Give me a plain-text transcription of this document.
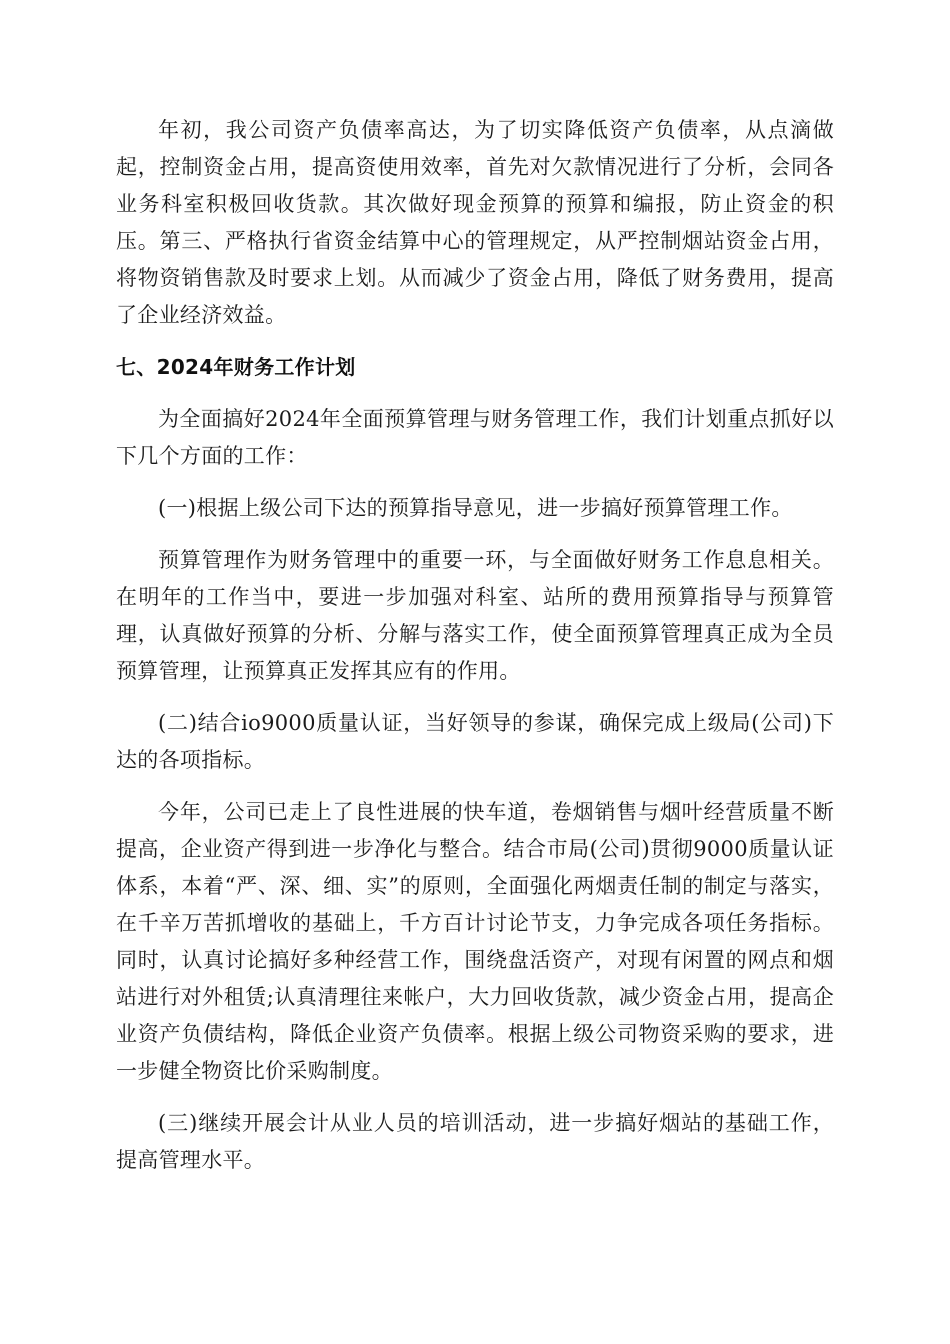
年初，我公司资产负债率高达，为了切实降低资产负债率，从点滴做起，控制资金占用，提高资使用效率，首先对欠款情况进行了分析，会同各业务科室积极回收货款。其次做好现金预算的预算和编报，防止资金的积压。第三、严格执行省资金结算中心的管理规定，从严控制烟站资金占用，将物资销售款及时要求上划。从而减少了资金占用，降低了财务费用，提高了企业经济效益。

七、2024年财务工作计划

为全面搞好2024年全面预算管理与财务管理工作，我们计划重点抓好以下几个方面的工作：

(一)根据上级公司下达的预算指导意见，进一步搞好预算管理工作。

预算管理作为财务管理中的重要一环，与全面做好财务工作息息相关。在明年的工作当中，要进一步加强对科室、站所的费用预算指导与预算管理，认真做好预算的分析、分解与落实工作，使全面预算管理真正成为全员预算管理，让预算真正发挥其应有的作用。

(二)结合io9000质量认证，当好领导的参谋，确保完成上级局(公司)下达的各项指标。

今年，公司已走上了良性进展的快车道，卷烟销售与烟叶经营质量不断提高，企业资产得到进一步净化与整合。结合市局(公司)贯彻9000质量认证体系，本着“严、深、细、实”的原则，全面强化两烟责任制的制定与落实，在千辛万苦抓增收的基础上，千方百计讨论节支，力争完成各项任务指标。同时，认真讨论搞好多种经营工作，围绕盘活资产，对现有闲置的网点和烟站进行对外租赁;认真清理往来帐户，大力回收货款，减少资金占用，提高企业资产负债结构，降低企业资产负债率。根据上级公司物资采购的要求，进一步健全物资比价采购制度。

(三)继续开展会计从业人员的培训活动，进一步搞好烟站的基础工作，提高管理水平。
